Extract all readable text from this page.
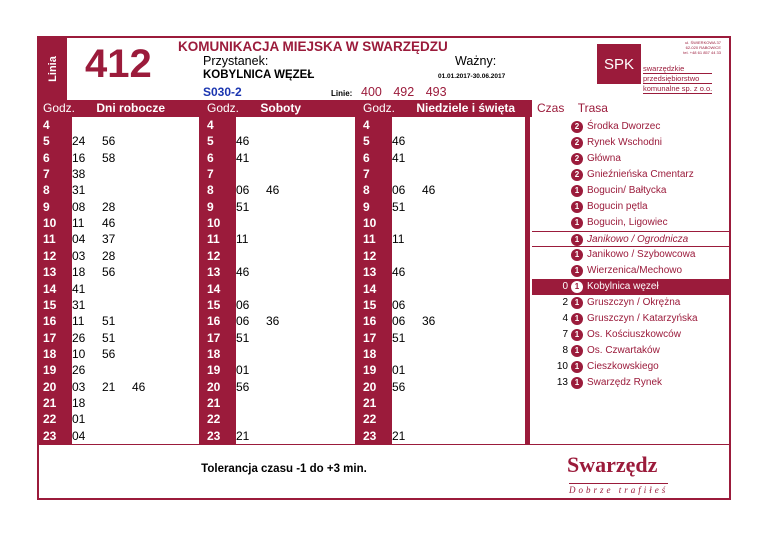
Linia 412 KOMUNIKACJA MIEJSKA W SWARZĘDZU
Przystanek:
KOBYLNICA WĘZEŁ
S030-2	Linie: 400 492 493
Ważny:
01.01.2017-30.06.2017
SPK
ul. ŚWIERKOWA 37
62-020 RABOWICE
tel. +48 61 857 44 33
swarzędzkie
przedsiębiorstwo
komunalne sp. z o.o.
Godz. Dni robocze	Godz. Soboty	Godz. Niedziele i święta	Czas Trasa
4
5	24 56
6	16 58
7	38
8	31
9	08 28
10	11 46
11	04 37
12	03 28
13	18 56
14	41
15	31
16	11 51
17	26 51
18	10 56
19	26
20	03 21 46
21	18
22	01
23	04
4
5	46
6	41
7
8	06 46
9	51
10
11	11
12
13	46
14
15	06
16	06 36
17	51
18
19	01
20	56
21
22
23	21
4
5	46
6	41
7
8	06 46
9	51
10
11	11
12
13	46
14
15	06
16	06 36
17	51
18
19	01
20	56
21
22
23	21
2 Środka Dworzec
2 Rynek Wschodni
2 Główna
2 Gnieźnieńska Cmentarz
1 Bogucin/ Bałtycka
1 Bogucin pętla
1 Bogucin, Ligowiec
1 Janikowo / Ogrodnicza
1 Janikowo / Szybowcowa
1 Wierzenica/Mechowo
0 1 Kobylnica węzeł
2 1 Gruszczyn / Okrężna
4 1 Gruszczyn / Katarzyńska
7 1 Os. Kościuszkowców
8 1 Os. Czwartaków
10 1 Cieszkowskiego
13 1 Swarzędz Rynek
Tolerancja czasu -1 do +3 min.	Swarzędz
Dobrze trafiłeś
